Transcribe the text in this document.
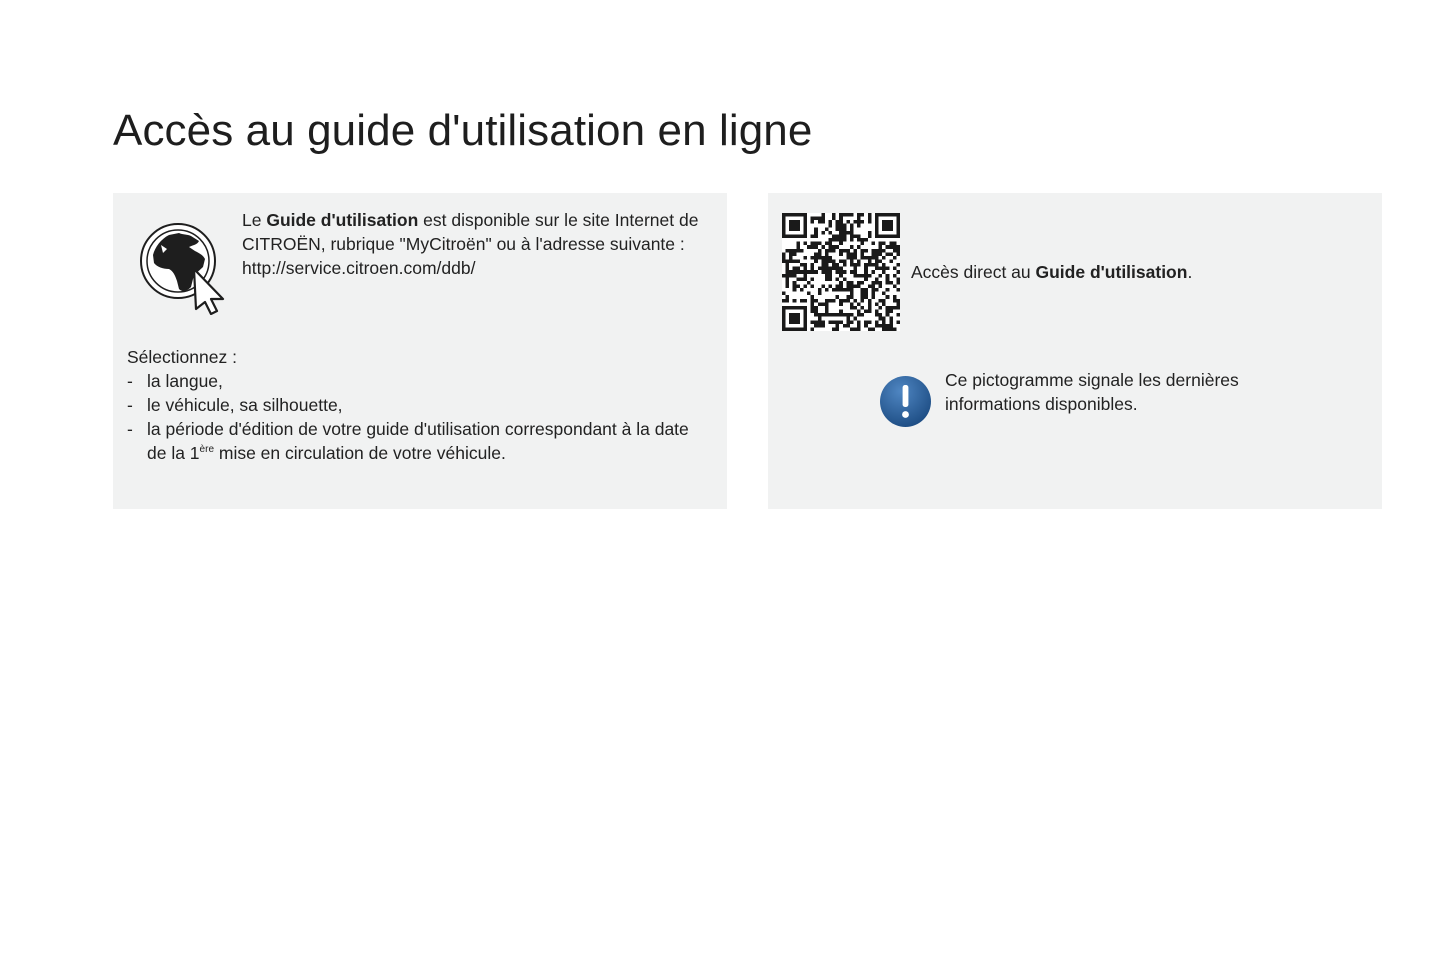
Accès au guide d'utilisation en ligne

Le Guide d'utilisation est disponible sur le site Internet de CITROËN, rubrique "MyCitroën" ou à l'adresse suivante :
http://service.citroen.com/ddb/

Sélectionnez :

- la langue,
- le véhicule, sa silhouette,
- la période d'édition de votre guide d'utilisation correspondant à la date de la 1ère mise en circulation de votre véhicule.

Accès direct au Guide d'utilisation.

Ce pictogramme signale les dernières informations disponibles.
